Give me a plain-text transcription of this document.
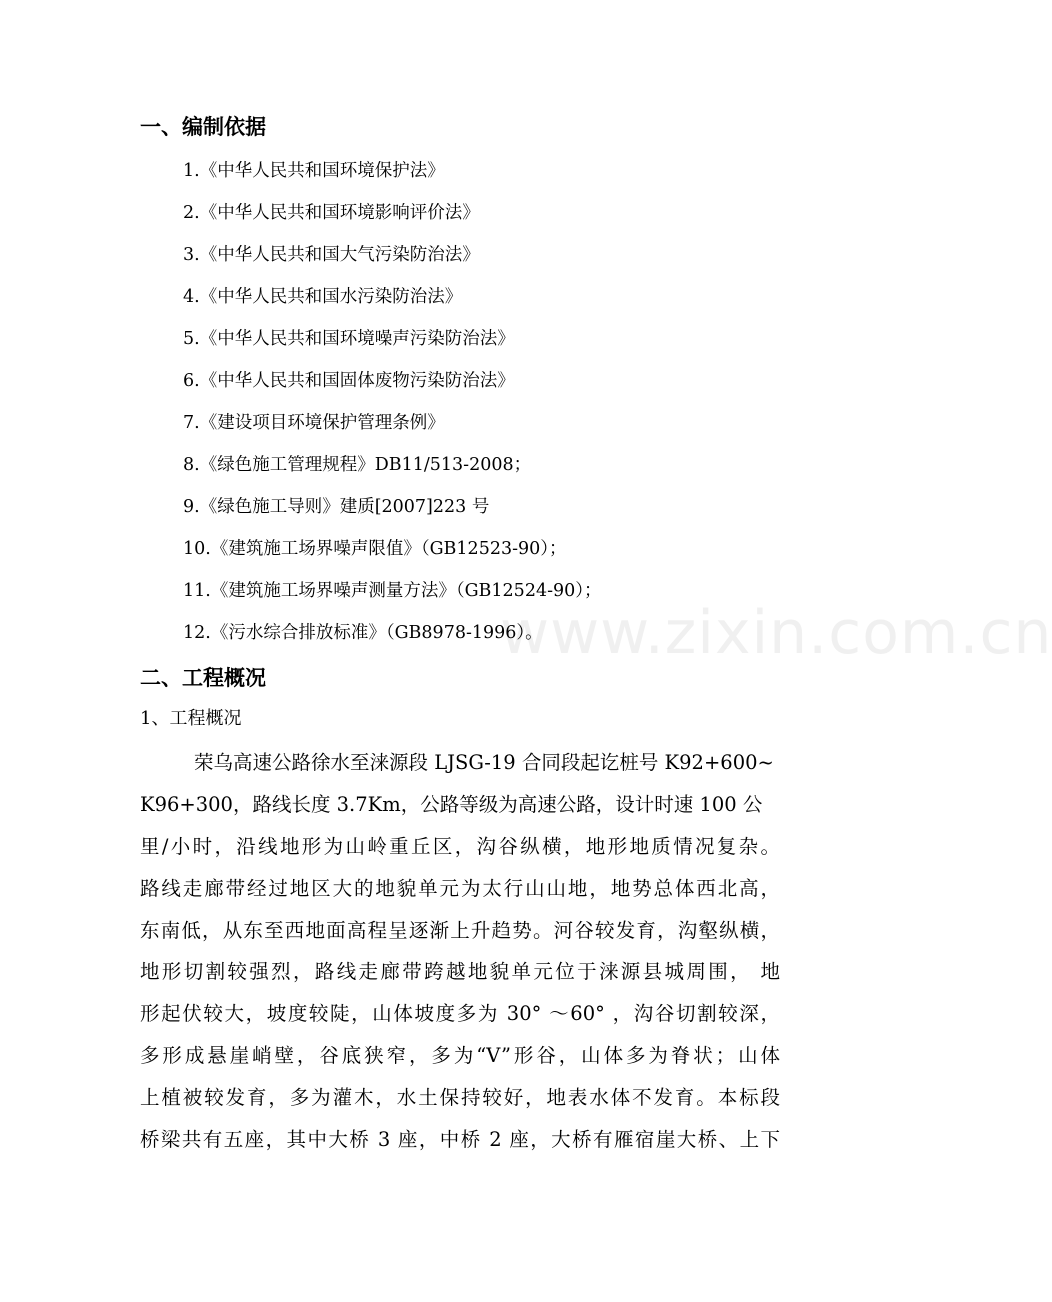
www.zixin.com.cn
一、编制依据
1.《中华人民共和国环境保护法》
2.《中华人民共和国环境影响评价法》
3.《中华人民共和国大气污染防治法》
4.《中华人民共和国水污染防治法》
5.《中华人民共和国环境噪声污染防治法》
6.《中华人民共和国固体废物污染防治法》
7.《建设项目环境保护管理条例》
8.《绿色施工管理规程》DB11/513-2008；
9.《绿色施工导则》建质[2007]223 号
10.《建筑施工场界噪声限值》（GB12523-90）；
11.《建筑施工场界噪声测量方法》（GB12524-90）；
12.《污水综合排放标准》（GB8978-1996）。
二、工程概况
1、工程概况
荣乌高速公路徐水至涞源段 LJSG-19 合同段起讫桩号 K92+600~
K96+300，路线长度 3.7Km，公路等级为高速公路，设计时速 100 公
里/小时，沿线地形为山岭重丘区，沟谷纵横，地形地质情况复杂。
路线走廊带经过地区大的地貌单元为太行山山地，地势总体西北高，
东南低，从东至西地面高程呈逐渐上升趋势。河谷较发育，沟壑纵横，
地形切割较强烈，路线走廊带跨越地貌单元位于涞源县城周围， 地
形起伏较大，坡度较陡，山体坡度多为 30° ～60° ，沟谷切割较深，
多形成悬崖峭壁，谷底狭窄，多为“V”形谷，山体多为脊状；山体
上植被较发育，多为灌木，水土保持较好，地表水体不发育。本标段
桥梁共有五座，其中大桥 3 座，中桥 2 座，大桥有雁宿崖大桥、上下
